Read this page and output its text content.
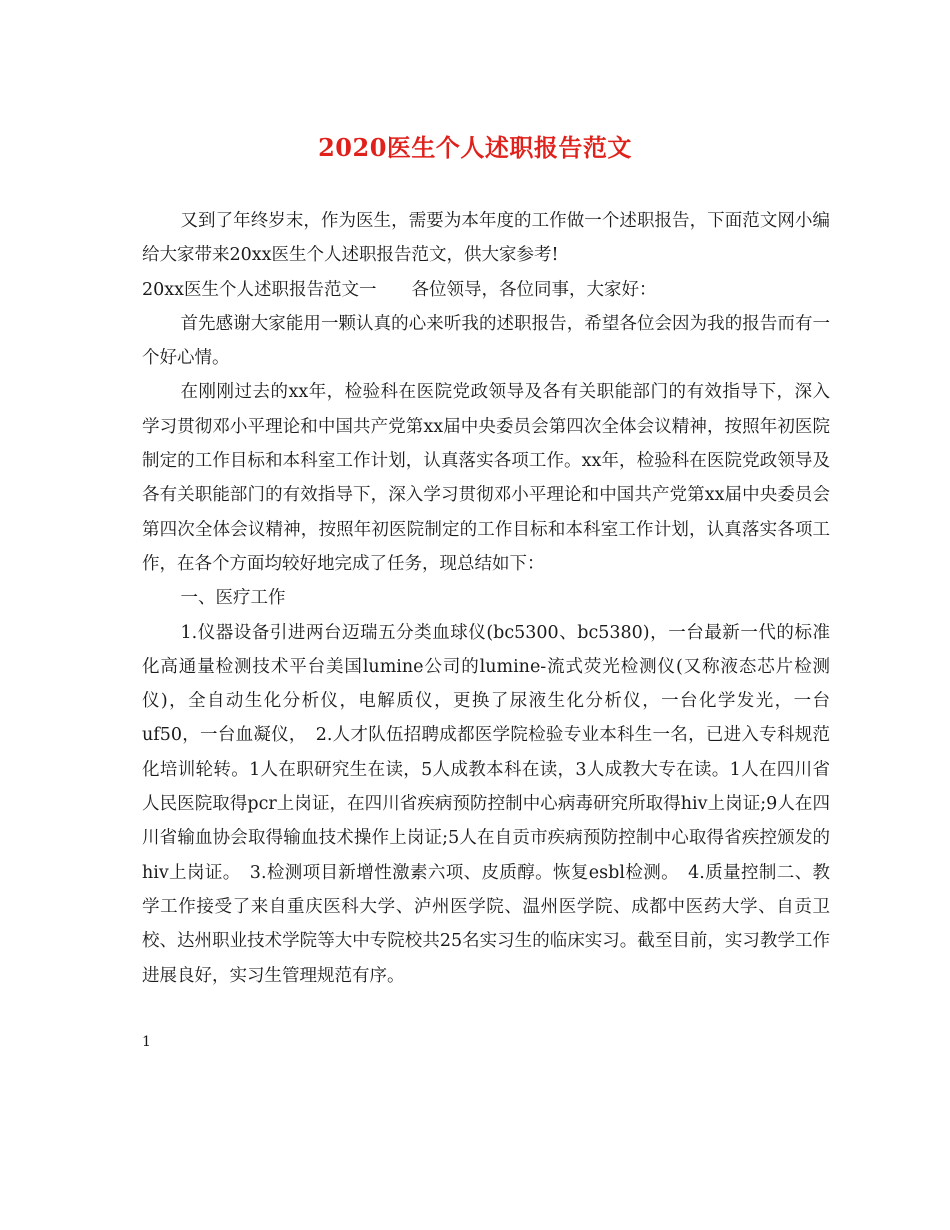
2020医生个人述职报告范文

又到了年终岁末，作为医生，需要为本年度的工作做一个述职报告，下面范文网小编给大家带来20xx医生个人述职报告范文，供大家参考!

20xx医生个人述职报告范文一　　各位领导，各位同事，大家好：

首先感谢大家能用一颗认真的心来听我的述职报告，希望各位会因为我的报告而有一个好心情。

在刚刚过去的xx年，检验科在医院党政领导及各有关职能部门的有效指导下，深入学习贯彻邓小平理论和中国共产党第xx届中央委员会第四次全体会议精神，按照年初医院制定的工作目标和本科室工作计划，认真落实各项工作。xx年，检验科在医院党政领导及各有关职能部门的有效指导下，深入学习贯彻邓小平理论和中国共产党第xx届中央委员会第四次全体会议精神，按照年初医院制定的工作目标和本科室工作计划，认真落实各项工作，在各个方面均较好地完成了任务，现总结如下：

一、医疗工作

1.仪器设备引进两台迈瑞五分类血球仪(bc5300、bc5380)，一台最新一代的标准化高通量检测技术平台美国lumine公司的lumine-流式荧光检测仪(又称液态芯片检测仪)，全自动生化分析仪，电解质仪，更换了尿液生化分析仪，一台化学发光，一台uf50，一台血凝仪，　2.人才队伍招聘成都医学院检验专业本科生一名，已进入专科规范化培训轮转。1人在职研究生在读，5人成教本科在读，3人成教大专在读。1人在四川省人民医院取得pcr上岗证，在四川省疾病预防控制中心病毒研究所取得hiv上岗证;9人在四川省输血协会取得输血技术操作上岗证;5人在自贡市疾病预防控制中心取得省疾控颁发的hiv上岗证。　3.检测项目新增性激素六项、皮质醇。恢复esbl检测。　4.质量控制二、教学工作接受了来自重庆医科大学、泸州医学院、温州医学院、成都中医药大学、自贡卫校、达州职业技术学院等大中专院校共25名实习生的临床实习。截至目前，实习教学工作进展良好，实习生管理规范有序。

1
